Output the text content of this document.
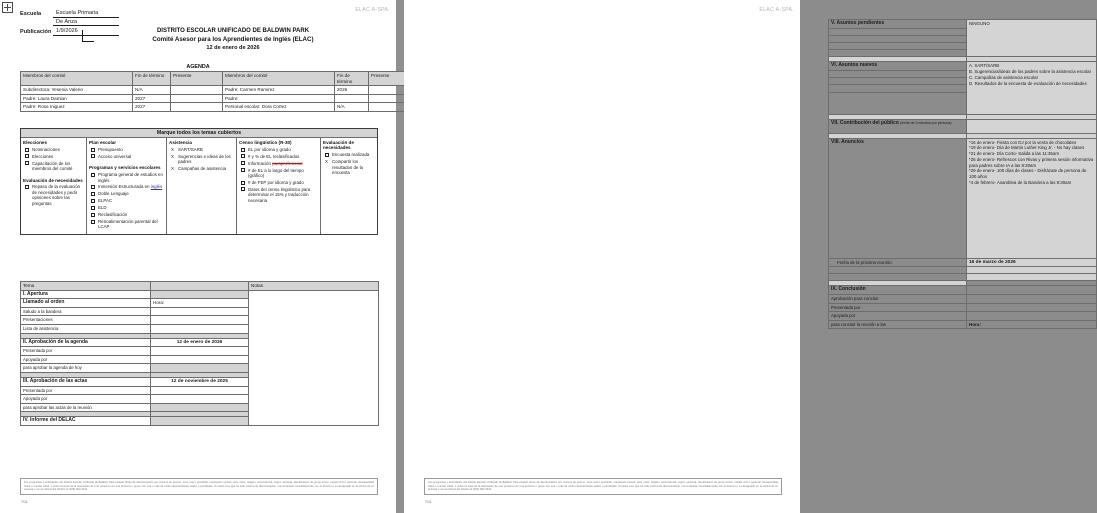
ELAC A-SPA.
Escuela	Escuela Primaria
De Anza
Publicación 1/9/2026	DISTRITO ESCOLAR UNIFICADO DE BALDWIN PARK
Comité Asesor para los Aprendientes de Inglés (ELAC)
12 de enero de 2026
AGENDA
Miembros del comité	Fin de término	Presente	Miembros del comité	Fin de término	Presente
Subdirectora: Yesenia Valerio	N/A		Padre: Carmen Ramirez	2026	
Padre: Laura Damian	2027		Padre:		
Padre: Rosa Iniguez	2027		Personal escolar: Dora Cortez	N/A	
Marque todos los temas cubiertos
Elecciones
Nominaciones
Elecciones
Capacitación de los miembros del comité
Evaluación de necesidades
Repaso de la evaluación de necesidades y pedir opiniones sobre las preguntas
Plan escolar
Presupuesto
Acceso universal
Programas y servicios escolares
Programa general de estudios en inglés
Inmersión Estructurada en inglés
Doble Lenguaje
ELPAC
ELD
Reclasificación
Retroalimentación parental del LCAP
Asistencia
X SART/SARB
X Sugerencias e ideas de los padres
X Campañas de asistencia
Censo lingüístico (R-30)
EL por idioma y grado
# y % de EL reclasificados
Información paraprofesional
# de EL a lo largo del tiempo (gráfico)
# de FEP por idioma y grado
Datos del censo lingüístico para determinar el 15% y traducción necesaria
Evaluación de necesidades
Encuesta realizada
X Compartir los resultados de la encuesta
Tema		Notas
I. Apertura		
Llamado al orden	Hora:	
Saludo a la bandera		
Presentaciones		
Lista de asistencia		

II. Aprobación de la agenda	12 de enero de 2026	
Presentada por		
Apoyada por		
para aprobar la agenda de hoy		

III. Aprobación de las actas	12 de noviembre de 2025	
Presentada por		
Apoyada por		
para aprobar las actas de la reunión		

IV. Informe del DELAC		
Los programas y actividades del Distrito Escolar Unificado de Baldwin Park estarán libres de discriminación por motivos de género, sexo real o percibido, orientación sexual, raza, color, religión, ascendencia, origen nacional, identificación de grupo étnico, estado civil o parental, discapacidad física o mental, edad, o sobre la base de la asociación de una persona con una persona o grupo con una o más de estas características reales o percibidas. Si usted cree que ha sido víctima de discriminación, comuníquese inmediatamente con el director o su designado en la oficina de su escuela o con la oficina del Distrito al (626) 962-3311.
7/11
ELAC A-SPA.
V. Asuntos pendientes	NINGUNO

VI. Asuntos nuevos	A. SART/SARB
B. Sugerencias/ideas de los padres sobre la asistencia escolar
C. Campañas de asistencia escolar
D. Resultados de la encuesta de evaluación de necesidades

VII. Contribución del público (límite de 3 minutos por persona)	

VIII. Anuncios	*16 de enero- Fiesta con DJ por la venta de chocolates
*19 de enero- Día de Martin Luther King Jr. - No hay clases
*21 de enero- Día Corto- Salida a las 11:35am
*26 de enero- Refrescos con Rivas y primera sesión informativa para padres sobre IA a las 8:30am
*29 de enero- 100 días de clases - Disfrázate de persona de 100 años
*4 de febrero- Asamblea de la Bandera a las 8:30am
Fecha de la próxima reunión:	16 de marzo de 2026

IX. Conclusión	
Aprobación para concluir	
Presentada por	
Apoyada por	
para concluir la reunión a las	Hora:
Los programas y actividades del Distrito Escolar Unificado de Baldwin Park estarán libres de discriminación por motivos de género, sexo real o percibido, orientación sexual, raza, color, religión, ascendencia, origen nacional, identificación de grupo étnico, estado civil o parental, discapacidad física o mental, edad, o sobre la base de la asociación de una persona con una persona o grupo con una o más de estas características reales o percibidas. Si usted cree que ha sido víctima de discriminación, comuníquese inmediatamente con el director o su designado en la oficina de su escuela o con la oficina del Distrito al (626) 962-3311.
7/11
